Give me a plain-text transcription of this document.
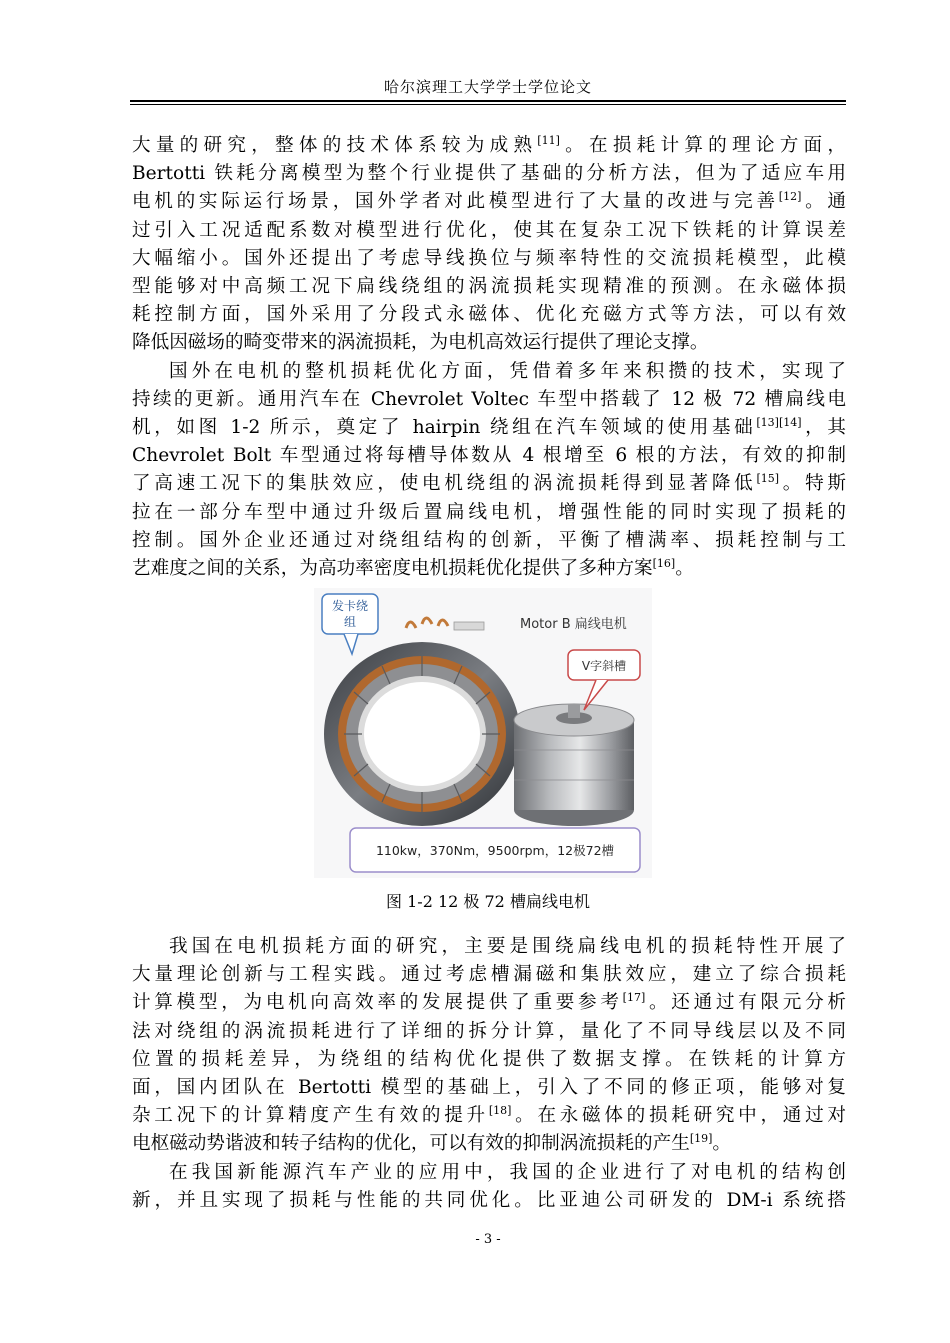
哈尔滨理工大学学士学位论文

大量的研究，整体的技术体系较为成熟[11]。在损耗计算的理论方面，
Bertotti 铁耗分离模型为整个行业提供了基础的分析方法，但为了适应车用
电机的实际运行场景，国外学者对此模型进行了大量的改进与完善[12]。通
过引入工况适配系数对模型进行优化，使其在复杂工况下铁耗的计算误差
大幅缩小。国外还提出了考虑导线换位与频率特性的交流损耗模型，此模
型能够对中高频工况下扁线绕组的涡流损耗实现精准的预测。在永磁体损
耗控制方面，国外采用了分段式永磁体、优化充磁方式等方法，可以有效
降低因磁场的畸变带来的涡流损耗，为电机高效运行提供了理论支撑。

国外在电机的整机损耗优化方面，凭借着多年来积攒的技术，实现了
持续的更新。通用汽车在 Chevrolet Voltec 车型中搭载了 12 极 72 槽扁线电
机，如图 1-2 所示，奠定了 hairpin 绕组在汽车领域的使用基础[13][14]，其
Chevrolet Bolt 车型通过将每槽导体数从 4 根增至 6 根的方法，有效的抑制
了高速工况下的集肤效应，使电机绕组的涡流损耗得到显著降低[15]。特斯
拉在一部分车型中通过升级后置扁线电机，增强性能的同时实现了损耗的
控制。国外企业还通过对绕组结构的创新，平衡了槽满率、损耗控制与工
艺难度之间的关系，为高功率密度电机损耗优化提供了多种方案[16]。

发卡绕
组	Motor B 扁线电机
V字斜槽
110kw，370Nm，9500rpm，12极72槽
图 1-2 12 极 72 槽扁线电机

我国在电机损耗方面的研究，主要是围绕扁线电机的损耗特性开展了
大量理论创新与工程实践。通过考虑槽漏磁和集肤效应，建立了综合损耗
计算模型，为电机向高效率的发展提供了重要参考[17]。还通过有限元分析
法对绕组的涡流损耗进行了详细的拆分计算，量化了不同导线层以及不同
位置的损耗差异，为绕组的结构优化提供了数据支撑。在铁耗的计算方
面，国内团队在 Bertotti 模型的基础上，引入了不同的修正项，能够对复
杂工况下的计算精度产生有效的提升[18]。在永磁体的损耗研究中，通过对
电枢磁动势谐波和转子结构的优化，可以有效的抑制涡流损耗的产生[19]。

在我国新能源汽车产业的应用中，我国的企业进行了对电机的结构创
新，并且实现了损耗与性能的共同优化。比亚迪公司研发的 DM-i 系统搭

- 3 -
